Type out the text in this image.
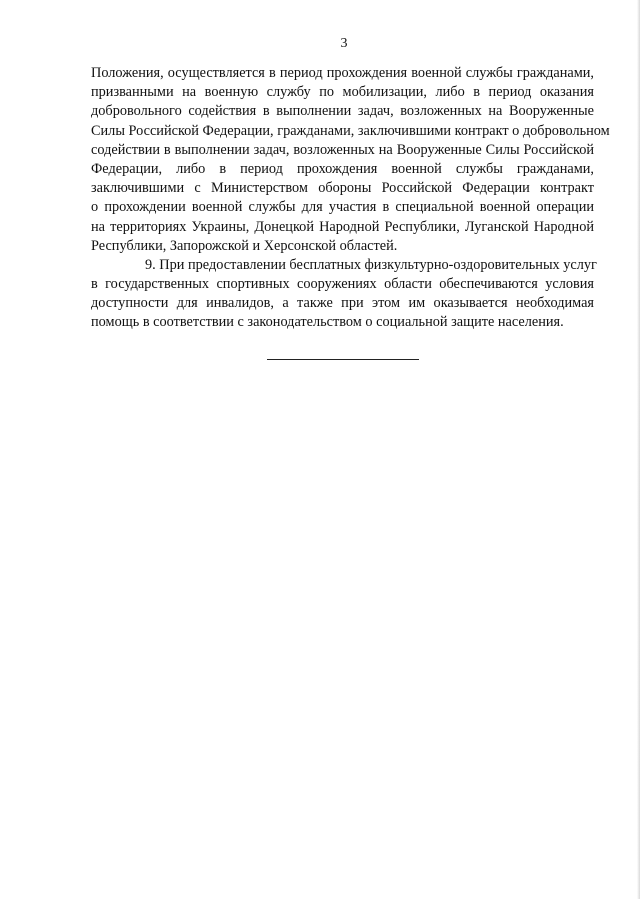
3
Положения, осуществляется в период прохождения военной службы гражданами,
призванными на военную службу по мобилизации, либо в период оказания
добровольного содействия в выполнении задач, возложенных на Вооруженные
Силы Российской Федерации, гражданами, заключившими контракт о добровольном
содействии в выполнении задач, возложенных на Вооруженные Силы Российской
Федерации, либо в период прохождения военной службы гражданами,
заключившими с Министерством обороны Российской Федерации контракт
о прохождении военной службы для участия в специальной военной операции
на территориях Украины, Донецкой Народной Республики, Луганской Народной
Республики, Запорожской и Херсонской областей.
9. При предоставлении бесплатных физкультурно-оздоровительных услуг
в государственных спортивных сооружениях области обеспечиваются условия
доступности для инвалидов, а также при этом им оказывается необходимая
помощь в соответствии с законодательством о социальной защите населения.
